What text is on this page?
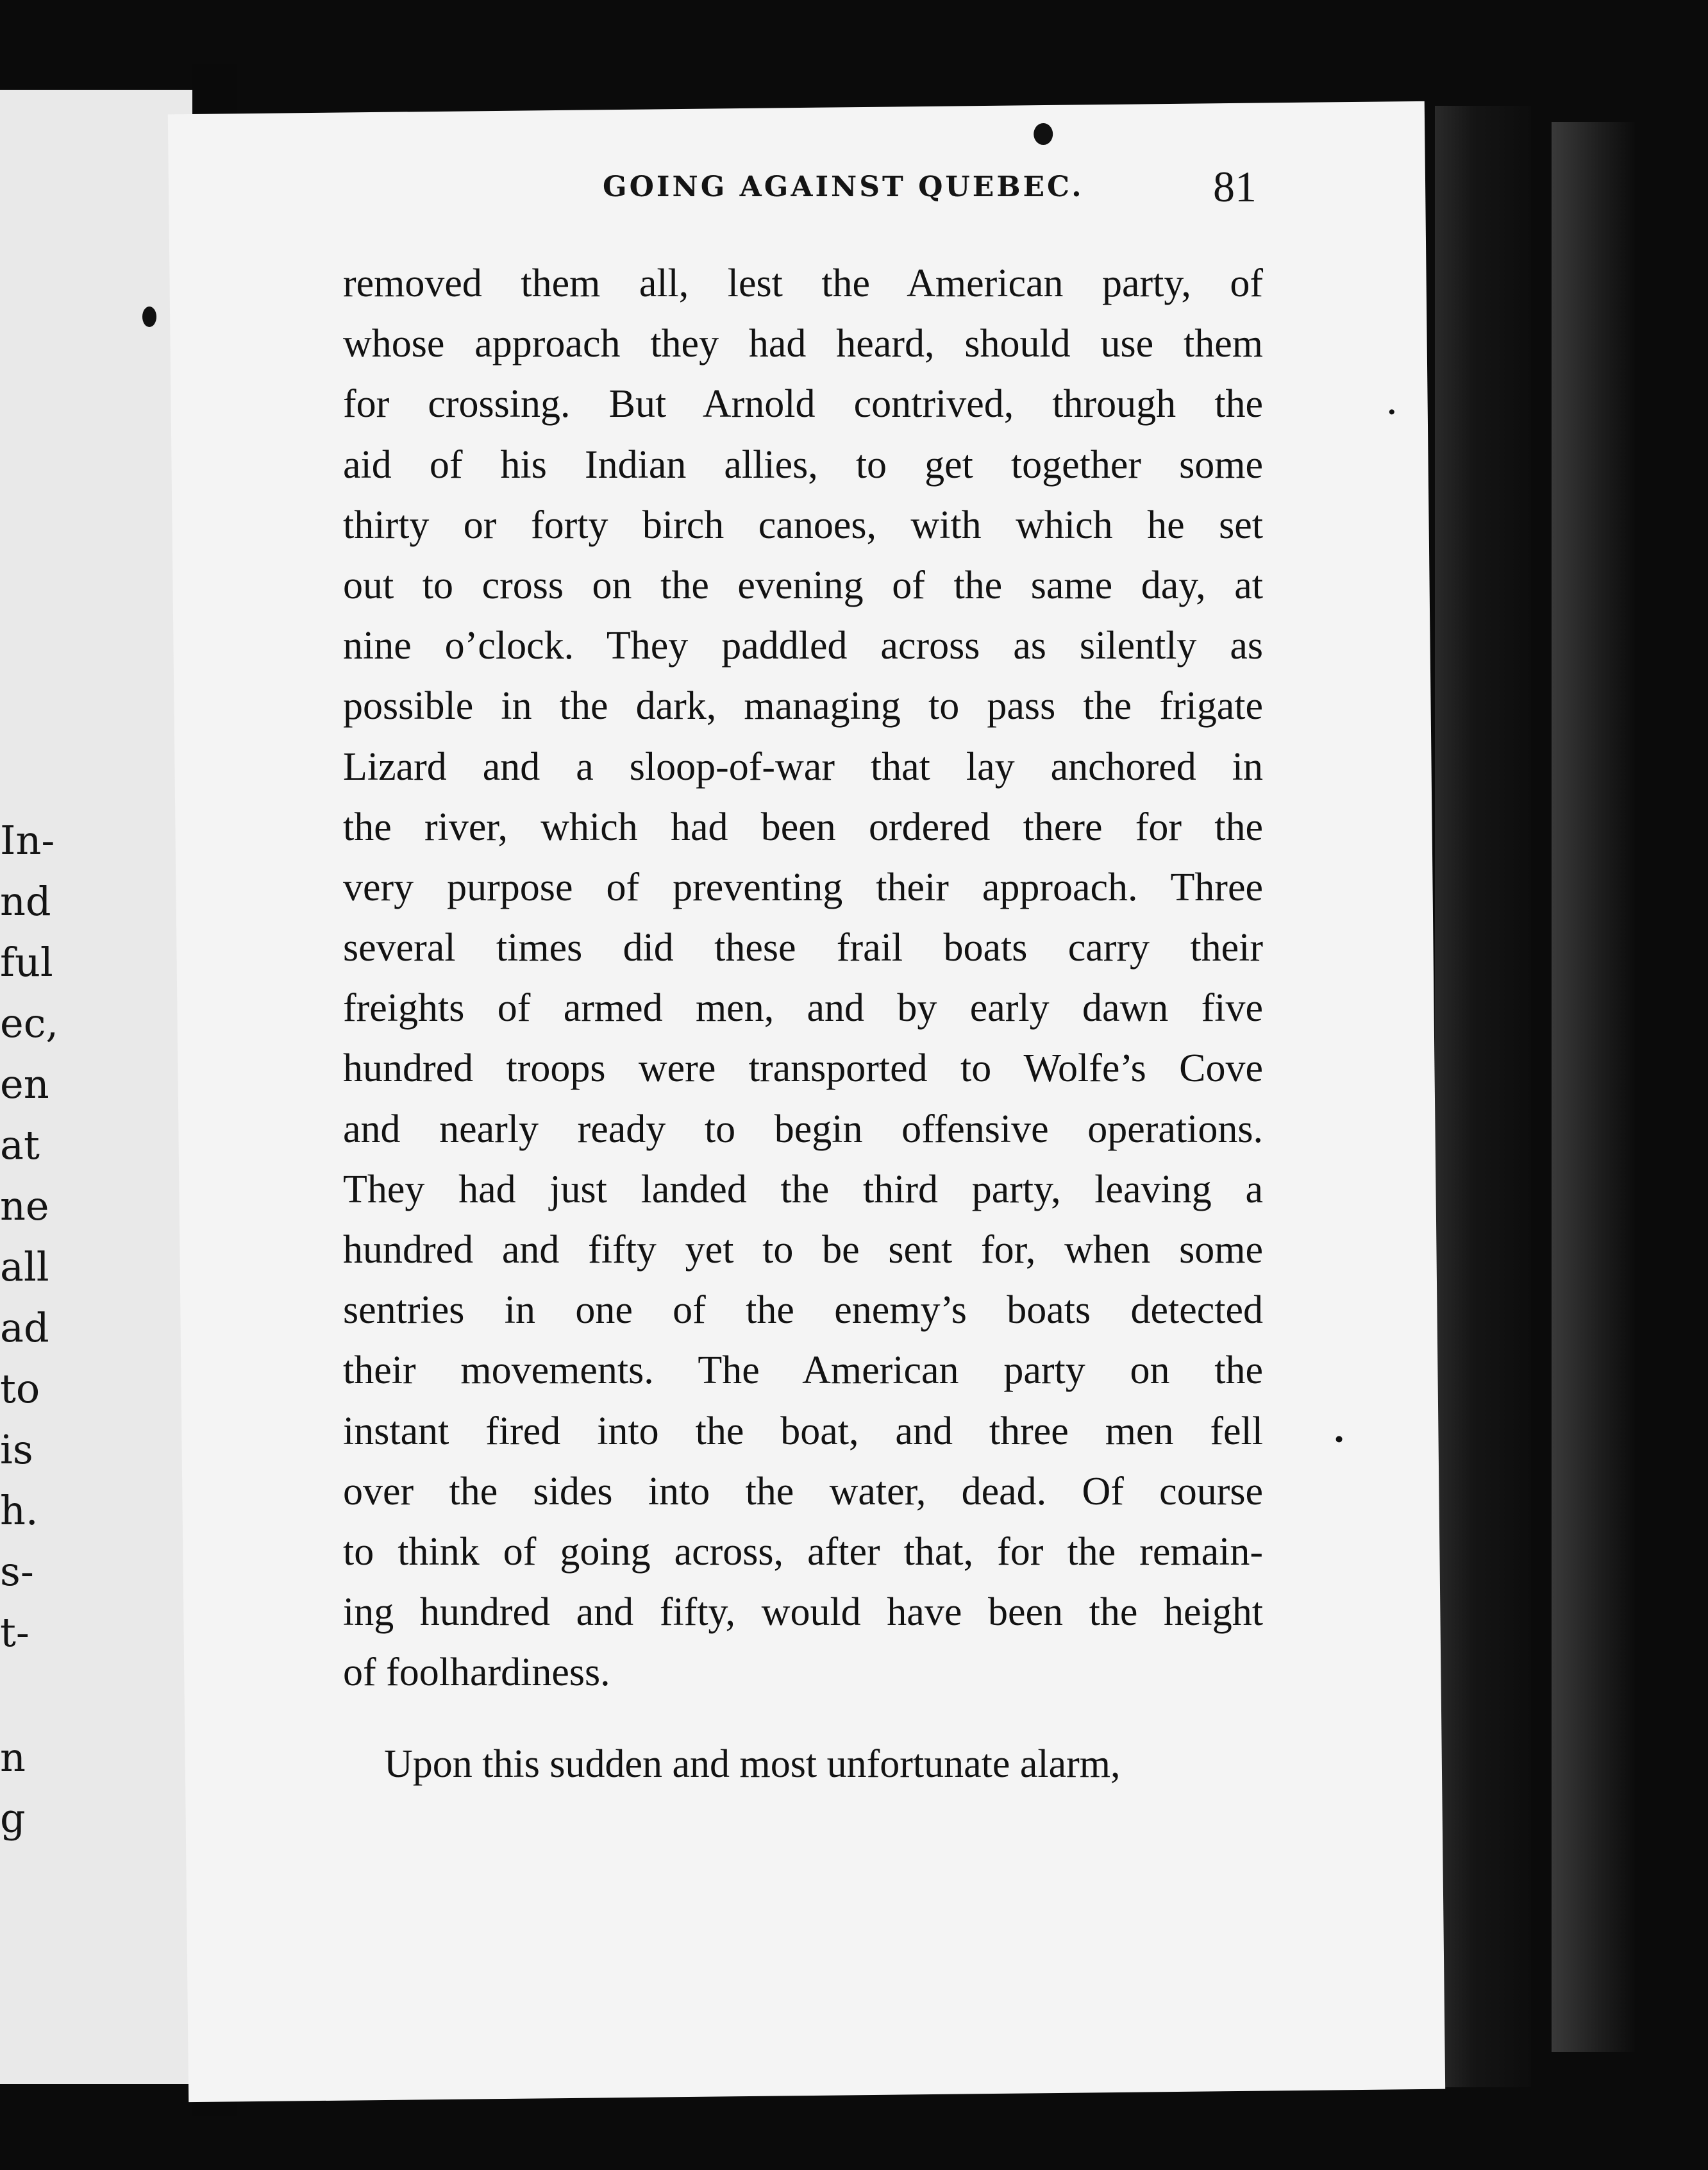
In-
nd
ful
ec,
en
at
ne
all
ad
to
is
h.
s-
t-
n
g
GOING AGAINST QUEBEC.	81
removed them all, lest the American party, of
whose approach they had heard, should use them
for crossing. But Arnold contrived, through the
aid of his Indian allies, to get together some
thirty or forty birch canoes, with which he set
out to cross on the evening of the same day, at
nine o’clock. They paddled across as silently as
possible in the dark, managing to pass the frigate
Lizard and a sloop-of-war that lay anchored in
the river, which had been ordered there for the
very purpose of preventing their approach. Three
several times did these frail boats carry their
freights of armed men, and by early dawn five
hundred troops were transported to Wolfe’s Cove
and nearly ready to begin offensive operations.
They had just landed the third party, leaving a
hundred and fifty yet to be sent for, when some
sentries in one of the enemy’s boats detected
their movements. The American party on the
instant fired into the boat, and three men fell
over the sides into the water, dead. Of course
to think of going across, after that, for the remain-
ing hundred and fifty, would have been the height
of foolhardiness.
Upon this sudden and most unfortunate alarm,
